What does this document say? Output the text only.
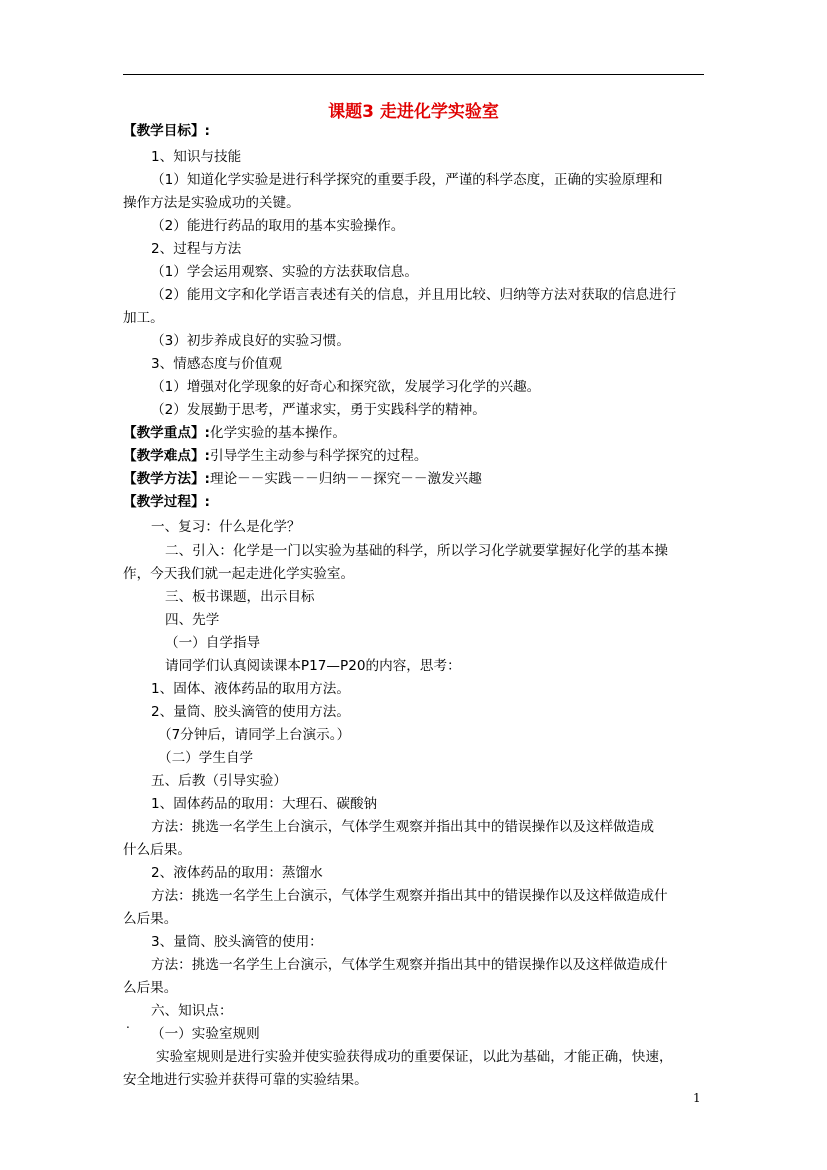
课题3 走进化学实验室
【教学目标】:
1、知识与技能
（1）知道化学实验是进行科学探究的重要手段，严谨的科学态度，正确的实验原理和
操作方法是实验成功的关键。
（2）能进行药品的取用的基本实验操作。
2、过程与方法
（1）学会运用观察、实验的方法获取信息。
（2）能用文字和化学语言表述有关的信息，并且用比较、归纳等方法对获取的信息进行
加工。
（3）初步养成良好的实验习惯。
3、情感态度与价值观
（1）增强对化学现象的好奇心和探究欲，发展学习化学的兴趣。
（2）发展勤于思考，严谨求实，勇于实践科学的精神。
【教学重点】:化学实验的基本操作。
【教学难点】:引导学生主动参与科学探究的过程。
【教学方法】:理论－－实践－－归纳－－探究－－激发兴趣
【教学过程】:
一、复习：什么是化学？
二、引入：化学是一门以实验为基础的科学，所以学习化学就要掌握好化学的基本操
作，今天我们就一起走进化学实验室。
三、板书课题，出示目标
四、先学
（一）自学指导
请同学们认真阅读课本P17—P20的内容，思考：
1、固体、液体药品的取用方法。
2、量筒、胶头滴管的使用方法。
（7分钟后，请同学上台演示。）
（二）学生自学
五、后教（引导实验）
1、固体药品的取用：大理石、碳酸钠
方法：挑选一名学生上台演示，气体学生观察并指出其中的错误操作以及这样做造成
什么后果。
2、液体药品的取用：蒸馏水
方法：挑选一名学生上台演示，气体学生观察并指出其中的错误操作以及这样做造成什
么后果。
3、量筒、胶头滴管的使用：
方法：挑选一名学生上台演示，气体学生观察并指出其中的错误操作以及这样做造成什
么后果。
六、知识点：
（一）实验室规则
实验室规则是进行实验并使实验获得成功的重要保证，以此为基础，才能正确，快速，
安全地进行实验并获得可靠的实验结果。
.
1
